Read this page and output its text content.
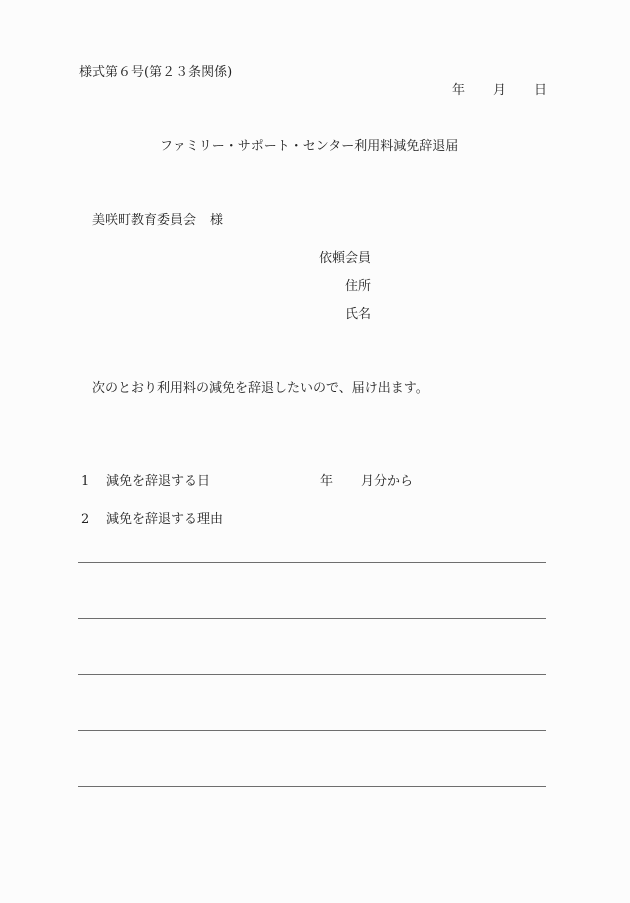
様式第６号(第２３条関係)
年 月 日
ファミリー・サポート・センター利用料減免辞退届
美咲町教育委員会 様
依頼会員
住所
氏名
次のとおり利用料の減免を辞退したいので、届け出ます。
1 減免を辞退する日	年 月分から
2 減免を辞退する理由
